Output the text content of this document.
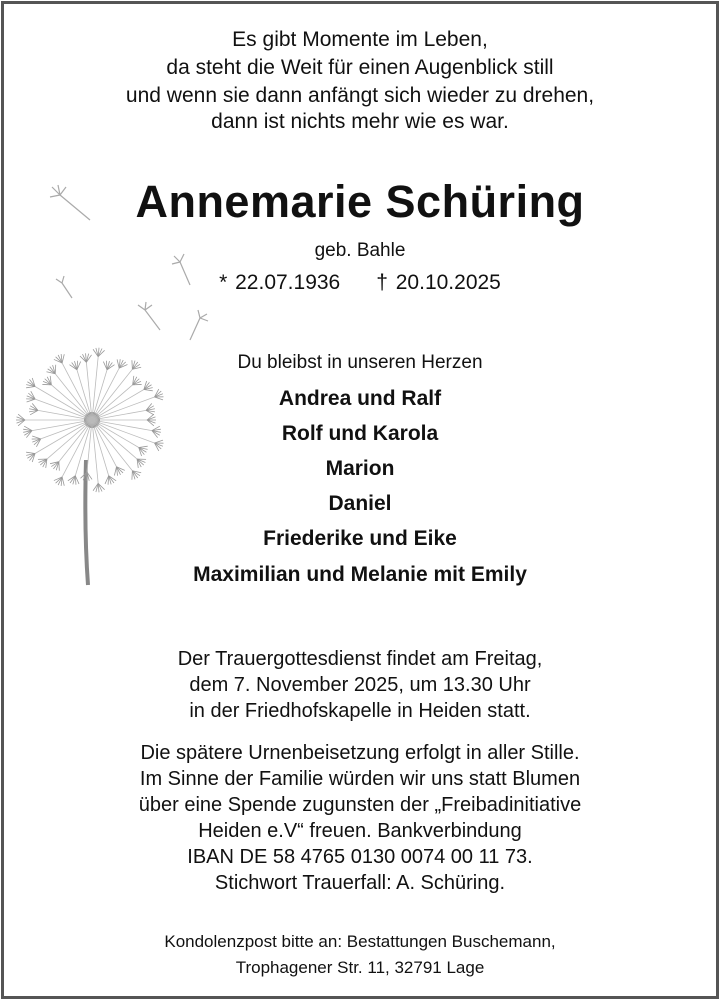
Es gibt Momente im Leben,
da steht die Weit für einen Augenblick still
und wenn sie dann anfängt sich wieder zu drehen,
dann ist nichts mehr wie es war.
Annemarie Schüring
geb. Bahle
* 22.07.1936 † 20.10.2025
Du bleibst in unseren Herzen
Andrea und Ralf
Rolf und Karola
Marion
Daniel
Friederike und Eike
Maximilian und Melanie mit Emily
Der Trauergottesdienst findet am Freitag,
dem 7. November 2025, um 13.30 Uhr
in der Friedhofskapelle in Heiden statt.
Die spätere Urnenbeisetzung erfolgt in aller Stille.
Im Sinne der Familie würden wir uns statt Blumen
über eine Spende zugunsten der „Freibadinitiative
Heiden e.V“ freuen. Bankverbindung
IBAN DE 58 4765 0130 0074 00 11 73.
Stichwort Trauerfall: A. Schüring.
Kondolenzpost bitte an: Bestattungen Buschemann,
Trophagener Str. 11, 32791 Lage
